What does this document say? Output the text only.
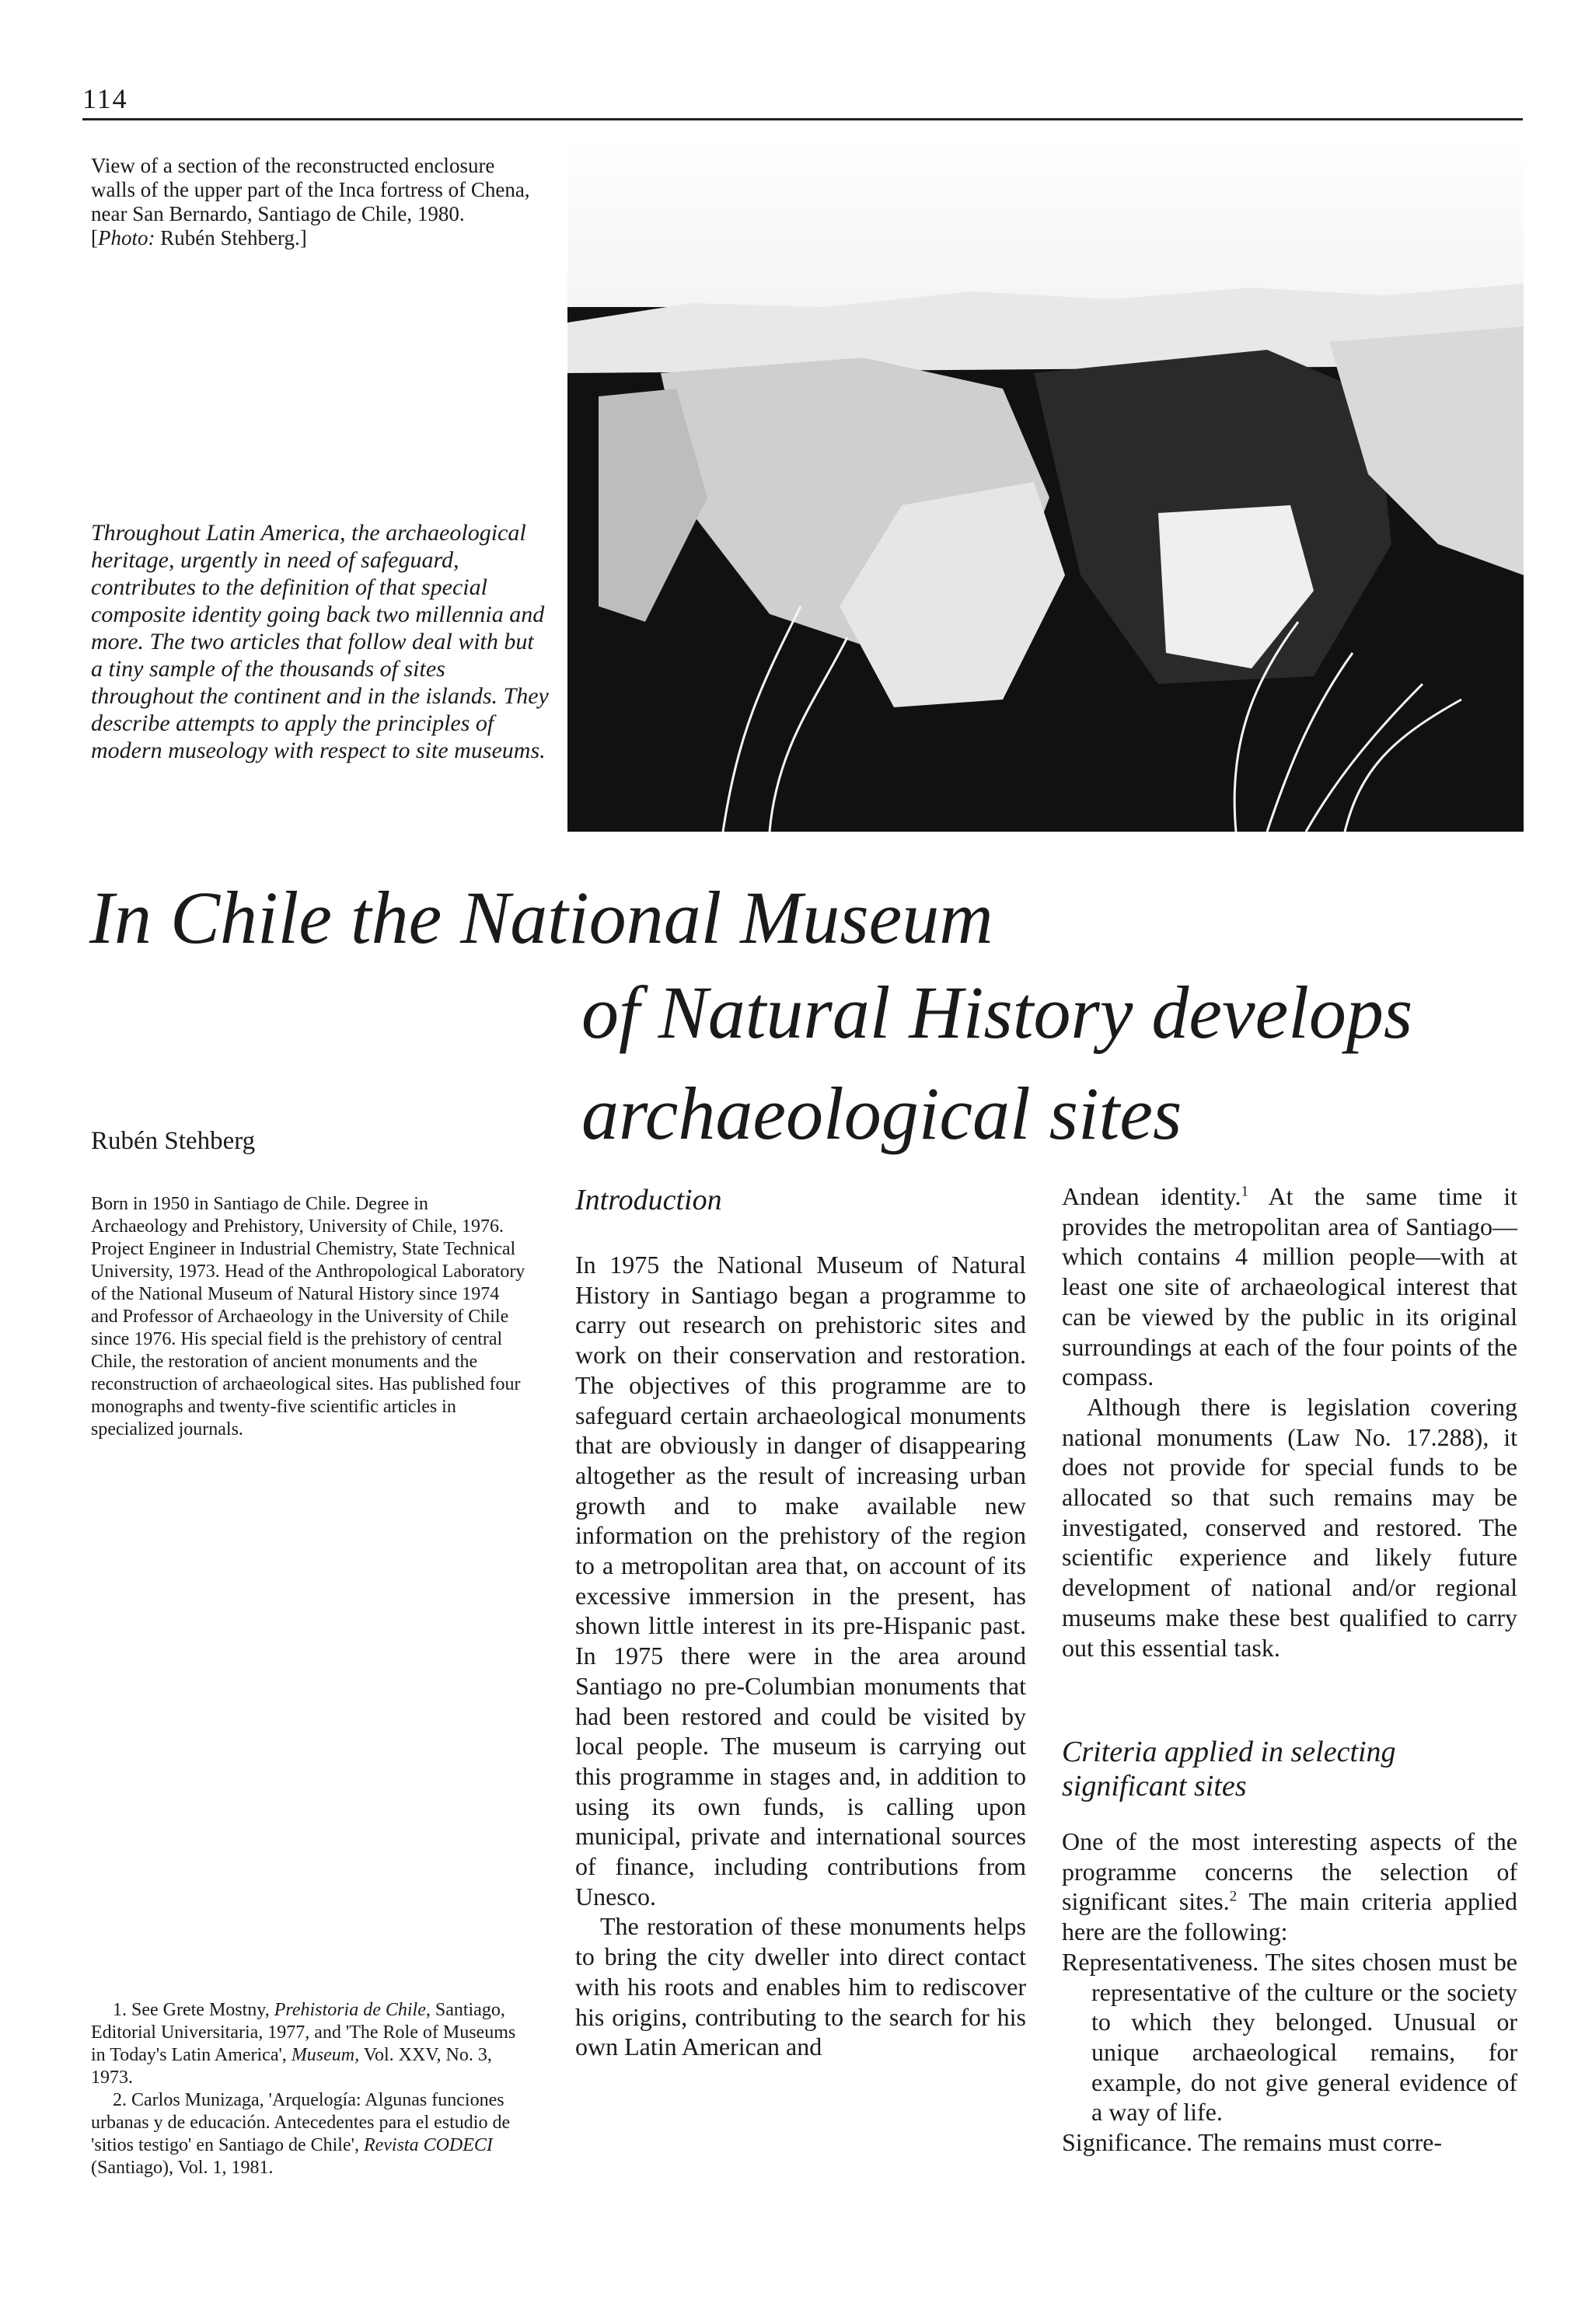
114
View of a section of the reconstructed enclosure walls of the upper part of the Inca fortress of Chena, near San Bernardo, Santiago de Chile, 1980.
[Photo: Rubén Stehberg.]
Throughout Latin America, the archaeological heritage, urgently in need of safeguard, contributes to the definition of that special composite identity going back two millennia and more. The two articles that follow deal with but a tiny sample of the thousands of sites throughout the continent and in the islands. They describe attempts to apply the principles of modern museology with respect to site museums.
In Chile the National Museum
of Natural History develops
archaeological sites
Rubén Stehberg
Born in 1950 in Santiago de Chile. Degree in Archaeology and Prehistory, University of Chile, 1976. Project Engineer in Industrial Chemistry, State Technical University, 1973. Head of the Anthropological Laboratory of the National Museum of Natural History since 1974 and Professor of Archaeology in the University of Chile since 1976. His special field is the prehistory of central Chile, the restoration of ancient monuments and the reconstruction of archaeological sites. Has published four monographs and twenty-five scientific articles in specialized journals.

1. See Grete Mostny, Prehistoria de Chile, Santiago, Editorial Universitaria, 1977, and 'The Role of Museums in Today's Latin America', Museum, Vol. XXV, No. 3, 1973.

2. Carlos Munizaga, 'Arquelogía: Algunas funciones urbanas y de educación. Antecedentes para el estudio de 'sitios testigo' en Santiago de Chile', Revista CODECI (Santiago), Vol. 1, 1981.

Introduction

In 1975 the National Museum of Natural History in Santiago began a programme to carry out research on prehistoric sites and work on their conservation and restoration. The objectives of this programme are to safeguard certain archaeological monuments that are obviously in danger of disappearing altogether as the result of increasing urban growth and to make available new information on the prehistory of the region to a metropolitan area that, on account of its excessive immersion in the present, has shown little interest in its pre-Hispanic past. In 1975 there were in the area around Santiago no pre-Columbian monuments that had been restored and could be visited by local people. The museum is carrying out this programme in stages and, in addition to using its own funds, is calling upon municipal, private and international sources of finance, including contributions from Unesco.

The restoration of these monuments helps to bring the city dweller into direct contact with his roots and enables him to rediscover his origins, contributing to the search for his own Latin American and

Andean identity.$^1$ At the same time it provides the metropolitan area of Santiago—which contains 4 million people—with at least one site of archaeological interest that can be viewed by the public in its original surroundings at each of the four points of the compass.

Although there is legislation covering national monuments (Law No. 17.288), it does not provide for special funds to be allocated so that such remains may be investigated, conserved and restored. The scientific experience and likely future development of national and/or regional museums make these best qualified to carry out this essential task.

Criteria applied in selecting significant sites

One of the most interesting aspects of the programme concerns the selection of significant sites.$^2$ The main criteria applied here are the following:

Representativeness. The sites chosen must be representative of the culture or the society to which they belonged. Unusual or unique archaeological remains, for example, do not give general evidence of a way of life.

Significance. The remains must corre-
